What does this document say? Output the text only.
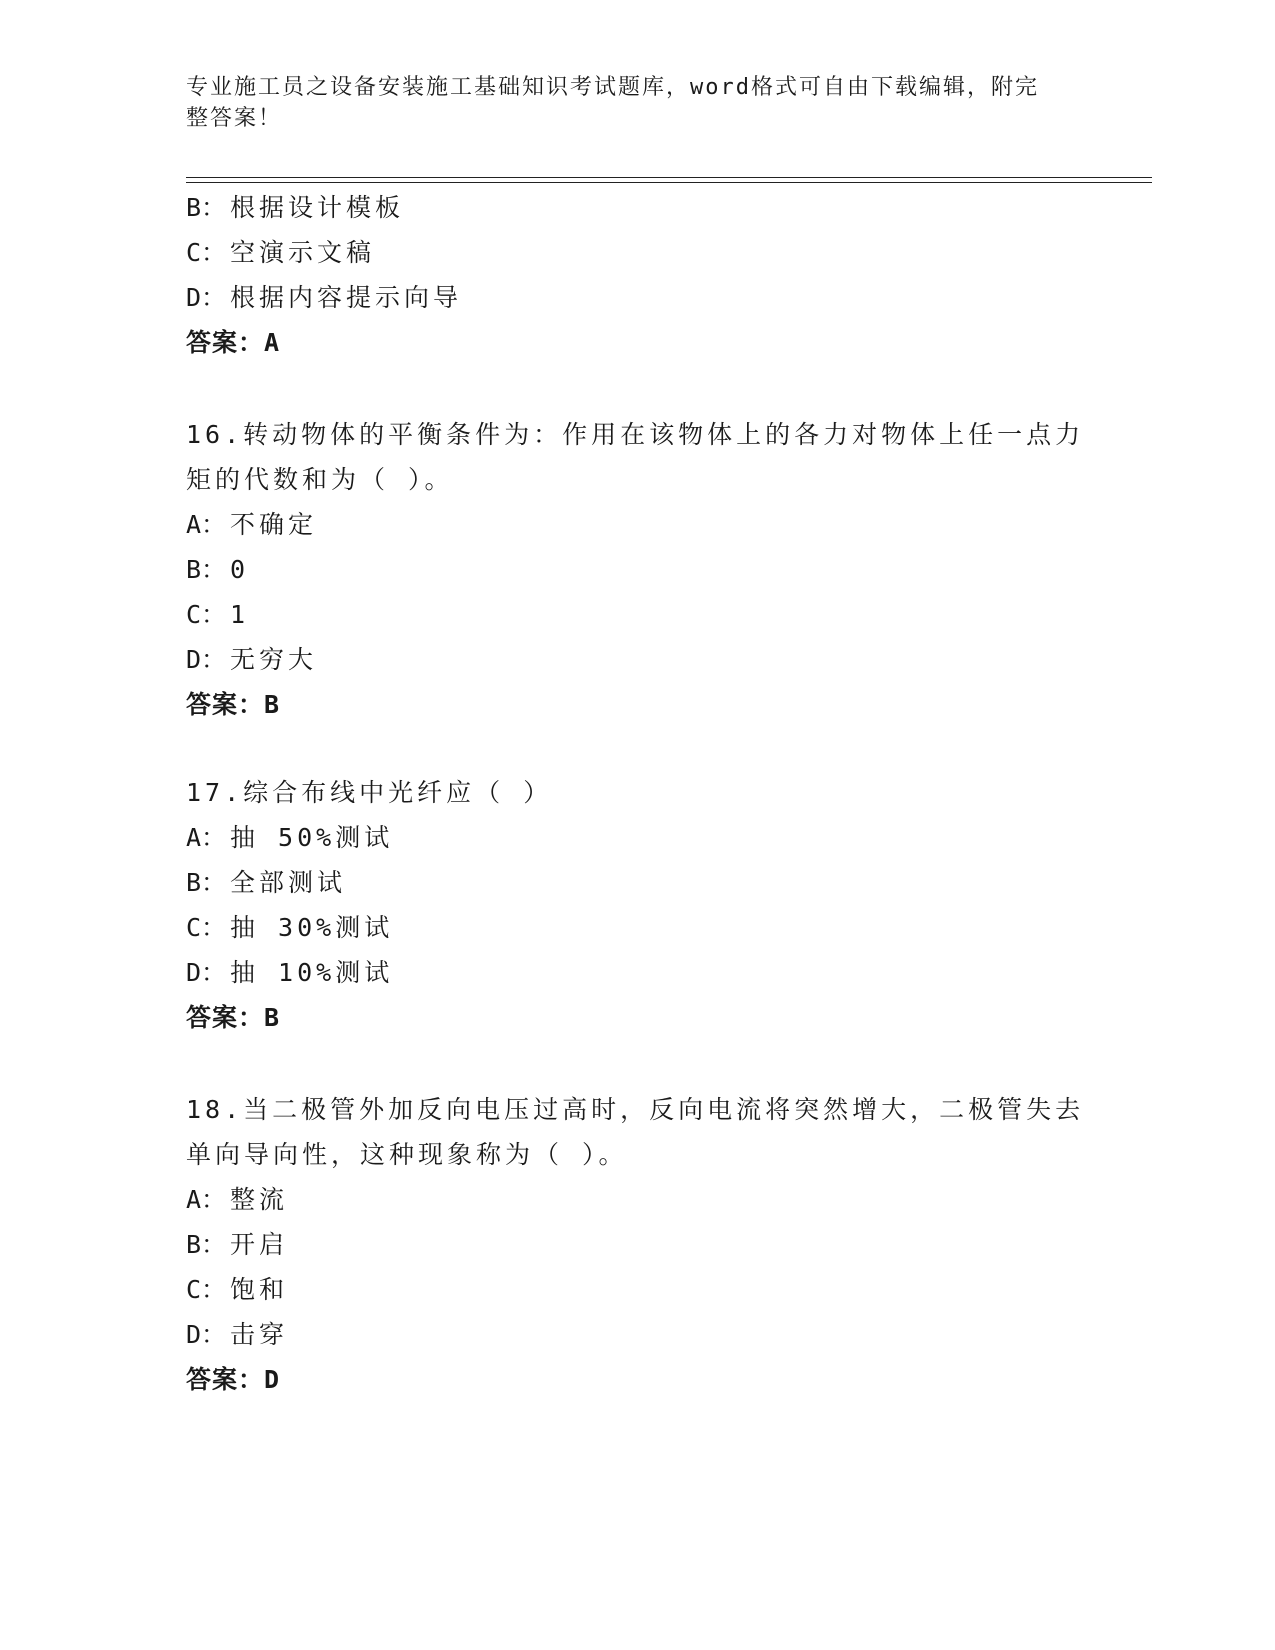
专业施工员之设备安装施工基础知识考试题库，word格式可自由下载编辑，附完
整答案！
B： 根据设计模板
C： 空演示文稿
D： 根据内容提示向导
答案：A
16.转动物体的平衡条件为：作用在该物体上的各力对物体上任一点力
矩的代数和为（ ）。
A： 不确定
B： 0
C： 1
D： 无穷大
答案：B
17.综合布线中光纤应（ ）
A： 抽 50%测试
B： 全部测试
C： 抽 30%测试
D： 抽 10%测试
答案：B
18.当二极管外加反向电压过高时，反向电流将突然增大，二极管失去
单向导向性，这种现象称为（ ）。
A： 整流
B： 开启
C： 饱和
D： 击穿
答案：D
